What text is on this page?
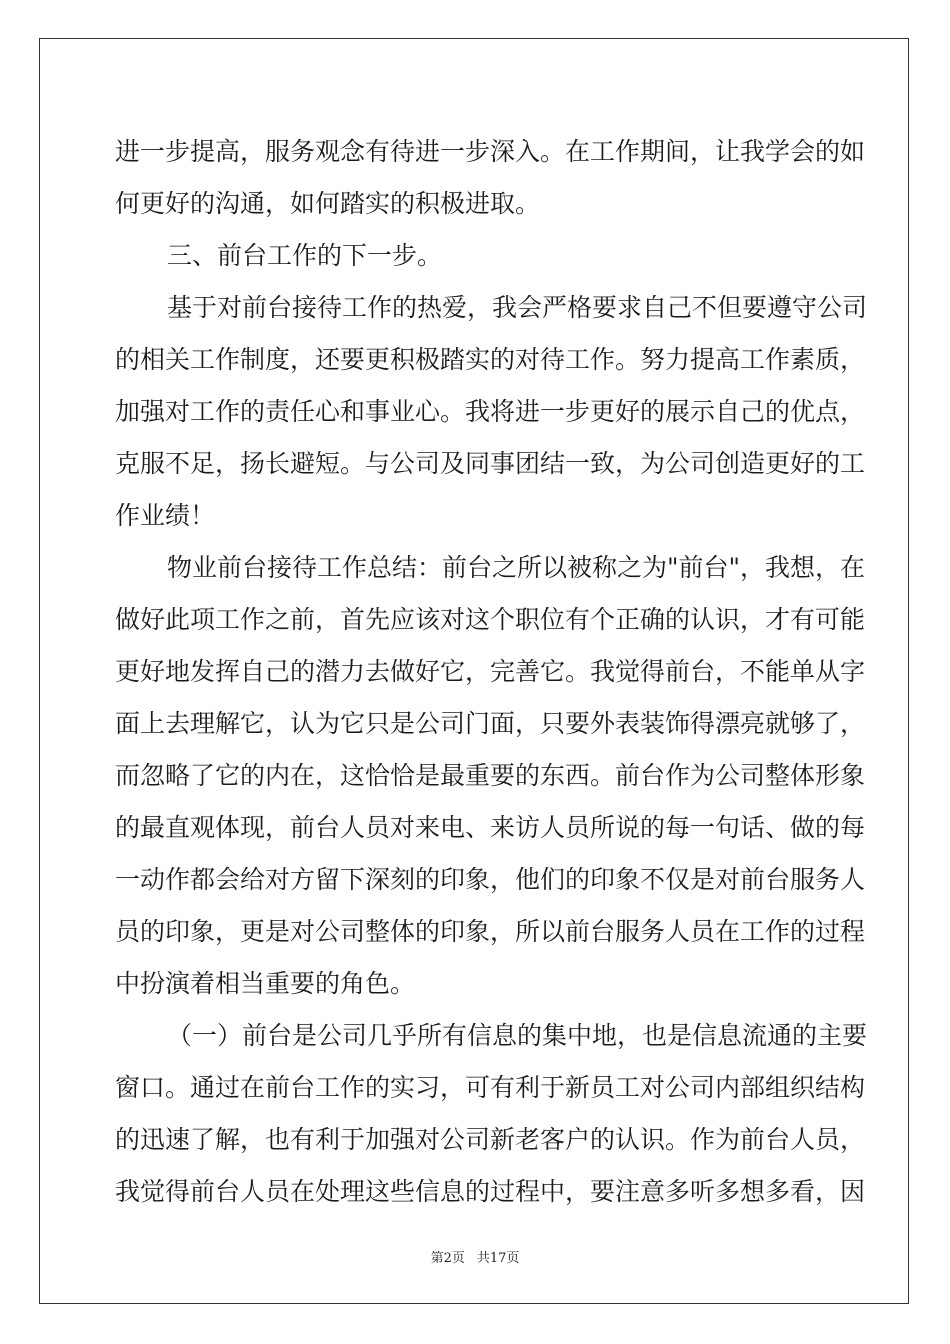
进一步提高，服务观念有待进一步深入。在工作期间，让我学会的如
何更好的沟通，如何踏实的积极进取。
三、前台工作的下一步。
基于对前台接待工作的热爱，我会严格要求自己不但要遵守公司
的相关工作制度，还要更积极踏实的对待工作。努力提高工作素质，
加强对工作的责任心和事业心。我将进一步更好的展示自己的优点，
克服不足，扬长避短。与公司及同事团结一致，为公司创造更好的工
作业绩！
物业前台接待工作总结：前台之所以被称之为"前台"，我想，在
做好此项工作之前，首先应该对这个职位有个正确的认识，才有可能
更好地发挥自己的潜力去做好它，完善它。我觉得前台，不能单从字
面上去理解它，认为它只是公司门面，只要外表装饰得漂亮就够了，
而忽略了它的内在，这恰恰是最重要的东西。前台作为公司整体形象
的最直观体现，前台人员对来电、来访人员所说的每一句话、做的每
一动作都会给对方留下深刻的印象，他们的印象不仅是对前台服务人
员的印象，更是对公司整体的印象，所以前台服务人员在工作的过程
中扮演着相当重要的角色。
（一）前台是公司几乎所有信息的集中地，也是信息流通的主要
窗口。通过在前台工作的实习，可有利于新员工对公司内部组织结构
的迅速了解，也有利于加强对公司新老客户的认识。作为前台人员，
我觉得前台人员在处理这些信息的过程中，要注意多听多想多看，因
第2页 共17页
